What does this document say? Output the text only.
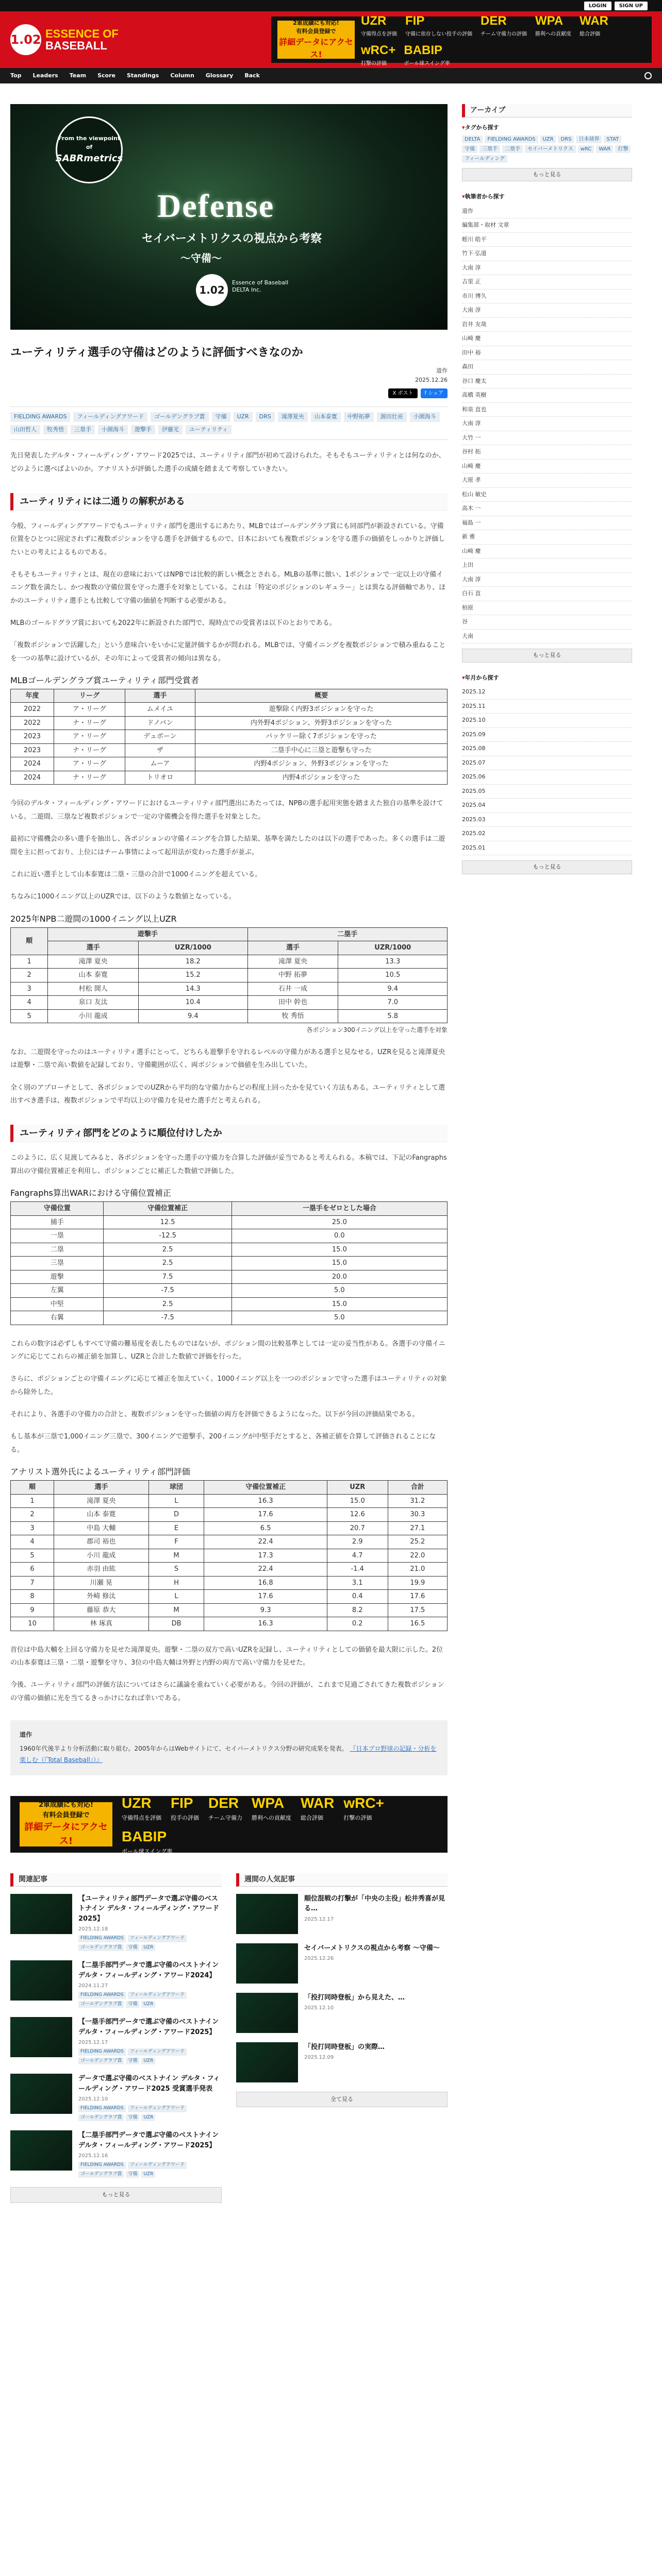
LOGIN	SIGN UP
1.02 ESSENCE OF
BASEBALL
2軍成績にも対応!
有料会員登録で
詳細データにアクセス!
UZR
守備得点を評価
FIP
守備に依存しない投手の評価
DER
チーム守備力の評価
WPA
勝利への貢献度
WAR
総合評価
wRC+
打撃の評価
BABIP
ボール球スイング率
Top Leaders Team Score Standings Column Glossary Back
From the viewpoint of
SABRmetrics
Defense
セイバーメトリクスの視点から考察
〜守備〜
1.02
Essence of Baseball
DELTA Inc.
ユーティリティ選手の守備はどのように評価すべきなのか
道作
2025.12.26
X ポスト	f シェア
FIELDING AWARDS	フィールディングアワード	ゴールデングラブ賞	守備	UZR	DRS	滝澤夏央	山本泰寛	中野拓夢	源田壮亮	小園海斗
山田哲人	牧秀悟	三塁手	小園海斗	遊撃手	伊藤光	ユーティリティ

先日発表したデルタ・フィールディング・アワード2025では、ユーティリティ部門が初めて設けられた。そもそもユーティリティとは何なのか、どのように選べばよいのか。アナリストが評価した選手の成績を踏まえて考察していきたい。

ユーティリティには二通りの解釈がある

今般、フィールディングアワードでもユーティリティ部門を選出するにあたり、MLBではゴールデングラブ賞にも同部門が新設されている。守備位置をひとつに固定されずに複数ポジションを守る選手を評価するもので、日本においても複数ポジションを守る選手の価値をしっかりと評価したいとの考えによるものである。

そもそもユーティリティとは、現在の意味においてはNPBでは比較的新しい概念とされる。MLBの基準に倣い、1ポジションで一定以上の守備イニング数を満たし、かつ複数の守備位置を守った選手を対象としている。これは「特定のポジションのレギュラー」とは異なる評価軸であり、ほかのユーティリティ選手とも比較して守備の価値を判断する必要がある。

MLBのゴールドグラブ賞においても2022年に新設された部門で、現時点での受賞者は以下のとおりである。

「複数ポジションで活躍した」という意味合いをいかに定量評価するかが問われる。MLBでは、守備イニングを複数ポジションで積み重ねることを一つの基準に設けているが、その年によって受賞者の傾向は異なる。

MLBゴールデングラブ賞ユーティリティ部門受賞者
年度	リーグ	選手	概要
2022	ア・リーグ	ムメイユ	遊撃除く内野3ポジションを守った
2022	ナ・リーグ	ドノバン	内外野4ポジション、外野3ポジションを守った
2023	ア・リーグ	デュボーン	パッケリー除く7ポジションを守った
2023	ナ・リーグ	ザ	二塁手中心に三塁と遊撃も守った
2024	ア・リーグ	ムーア	内野4ポジション、外野3ポジションを守った
2024	ナ・リーグ	トリオロ	内野4ポジションを守った

今回のデルタ・フィールディング・アワードにおけるユーティリティ部門選出にあたっては、NPBの選手起用実態を踏まえた独自の基準を設けている。二遊間、三塁など複数ポジションで一定の守備機会を得た選手を対象とした。

最初に守備機会の多い選手を抽出し、各ポジションの守備イニングを合算した結果、基準を満たしたのは以下の選手であった。多くの選手は二遊間を主に担っており、上位にはチーム事情によって起用法が変わった選手が並ぶ。

これに近い選手として山本泰寛は二塁・三塁の合計で1000イニングを超えている。

ちなみに1000イニング以上のUZRでは、以下のような数値となっている。

2025年NPB二遊間の1000イニング以上UZR
順	遊撃手		二塁手	
	選手	UZR/1000	選手	UZR/1000
1	滝澤 夏央	18.2	滝澤 夏央	13.3
2	山本 泰寛	15.2	中野 拓夢	10.5
3	村松 開人	14.3	石井 一成	9.4
4	泉口 友汰	10.4	田中 幹也	7.0
5	小川 龍成	9.4	牧 秀悟	5.8
各ポジション300イニング以上を守った選手を対象

なお、二遊間を守ったのはユーティリティ選手にとって、どちらも遊撃手を守れるレベルの守備力がある選手と見なせる。UZRを見ると滝澤夏央は遊撃・二塁で高い数値を記録しており、守備範囲が広く、両ポジションで価値を生み出していた。

全く別のアプローチとして、各ポジションでのUZRから平均的な守備力からどの程度上回ったかを見ていく方法もある。ユーティリティとして選出すべき選手は、複数ポジションで平均以上の守備力を見せた選手だと考えられる。

ユーティリティ部門をどのように順位付けしたか

このように、広く見渡してみると、各ポジションを守った選手の守備力を合算した評価が妥当であると考えられる。本稿では、下記のFangraphs算出の守備位置補正を利用し、ポジションごとに補正した数値で評価した。

Fangraphs算出WARにおける守備位置補正
守備位置	守備位置補正	一塁手をゼロとした場合
捕手	12.5	25.0
一塁	-12.5	0.0
二塁	2.5	15.0
三塁	2.5	15.0
遊撃	7.5	20.0
左翼	-7.5	5.0
中堅	2.5	15.0
右翼	-7.5	5.0

これらの数字は必ずしもすべて守備の難易度を表したものではないが、ポジション間の比較基準としては一定の妥当性がある。各選手の守備イニングに応じてこれらの補正値を加算し、UZRと合計した数値で評価を行った。

さらに、ポジションごとの守備イニングに応じて補正を加えていく。1000イニング以上を一つのポジションで守った選手はユーティリティの対象から除外した。

それにより、各選手の守備力の合計と、複数ポジションを守った価値の両方を評価できるようになった。以下が今回の評価結果である。

もし基本が三塁で1,000イニング三塁で、300イニングで遊撃手、200イニングが中堅手だとすると、各補正値を合算して評価されることになる。

アナリスト選外氏によるユーティリティ部門評価
順	選手	球団	守備位置補正	UZR	合計
1	滝澤 夏央	L	16.3	15.0	31.2
2	山本 泰寛	D	17.6	12.6	30.3
3	中島 大輔	E	6.5	20.7	27.1
4	郡司 裕也	F	22.4	2.9	25.2
5	小川 龍成	M	17.3	4.7	22.0
6	赤羽 由紘	S	22.4	-1.4	21.0
7	川瀬 晃	H	16.8	3.1	19.9
8	外崎 修汰	L	17.6	0.4	17.6
9	藤原 恭大	M	9.3	8.2	17.5
10	林 琢真	DB	16.3	0.2	16.5

首位は中島大輔を上回る守備力を見せた滝澤夏央。遊撃・二塁の双方で高いUZRを記録し、ユーティリティとしての価値を最大限に示した。2位の山本泰寛は三塁・二塁・遊撃を守り、3位の中島大輔は外野と内野の両方で高い守備力を見せた。

今後、ユーティリティ部門の評価方法についてはさらに議論を重ねていく必要がある。今回の評価が、これまで見過ごされてきた複数ポジションの守備の価値に光を当てるきっかけになれば幸いである。

道作
1960年代後半より分析活動に取り組む。2005年からはWebサイトにて、セイバーメトリクス分野の研究成果を発表。 『日本プロ野球の記録・分析を楽しむ（『Total Baseball』）』
2軍成績にも対応!
有料会員登録で
詳細データにアクセス!
UZR
守備得点を評価
FIP
投手の評価
DER
チーム守備力
WPA
勝利への貢献度
WAR
総合評価
wRC+
打撃の評価
BABIP
ボール球スイング率
関連記事
【ユーティリティ部門データで選ぶ守備のベストナイン デルタ・フィールディング・アワード2025】
2025.12.18
FIELDING AWARDS	フィールディングアワード
ゴールデングラブ賞	守備	UZR
【二塁手部門データで選ぶ守備のベストナイン デルタ・フィールディング・アワード2024】
2024.11.27
FIELDING AWARDS	フィールディングアワード
ゴールデングラブ賞	守備	UZR
【一塁手部門データで選ぶ守備のベストナイン デルタ・フィールディング・アワード2025】
2025.12.17
FIELDING AWARDS	フィールディングアワード
ゴールデングラブ賞	守備	UZR
データで選ぶ守備のベストナイン デルタ・フィールディング・アワード2025 受賞選手発表
2025.12.10
FIELDING AWARDS	フィールディングアワード
ゴールデングラブ賞	守備	UZR
【二塁手部門データで選ぶ守備のベストナイン デルタ・フィールディング・アワード2025】
2025.12.16
FIELDING AWARDS	フィールディングアワード
ゴールデングラブ賞	守備	UZR
もっと見る
週間の人気記事
順位混戦の打撃が「中央の主役」松井秀喜が見る…
2025.12.17
セイバーメトリクスの視点から考察 ～守備～
2025.12.26
「投打同時登板」から見えた、…
2025.12.10
「投打同時登板」の実際…
2025.12.09
全て見る
アーカイブ
▾ タグから探す
DELTA	FIELDING AWARDS	UZR	DRS	日本球界	STAT
守備	三塁手	二塁手	セイバーメトリクス	wRC	WAR	打撃
フィールディング
もっと見る
▾ 執筆者から探す
道作
編集部・取材 文章
蛭川 皓平
竹下 弘道
大南 淳
吉里 正
市川 博久
大南 淳
岩井 友哉
山崎 慶
田中 裕
森田
谷口 慶太
高橋 英樹
和泉 直也
大南 淳
大竹 一
谷村 拓
山崎 慶
大原 孝
松山 敏史
高木 一
福島 一
新 雅
山崎 慶
上田
大南 淳
白石 直
柏原
谷
大南
もっと見る
▾ 年月から探す
2025.12
2025.11
2025.10
2025.09
2025.08
2025.07
2025.06
2025.05
2025.04
2025.03
2025.02
2025.01
もっと見る
